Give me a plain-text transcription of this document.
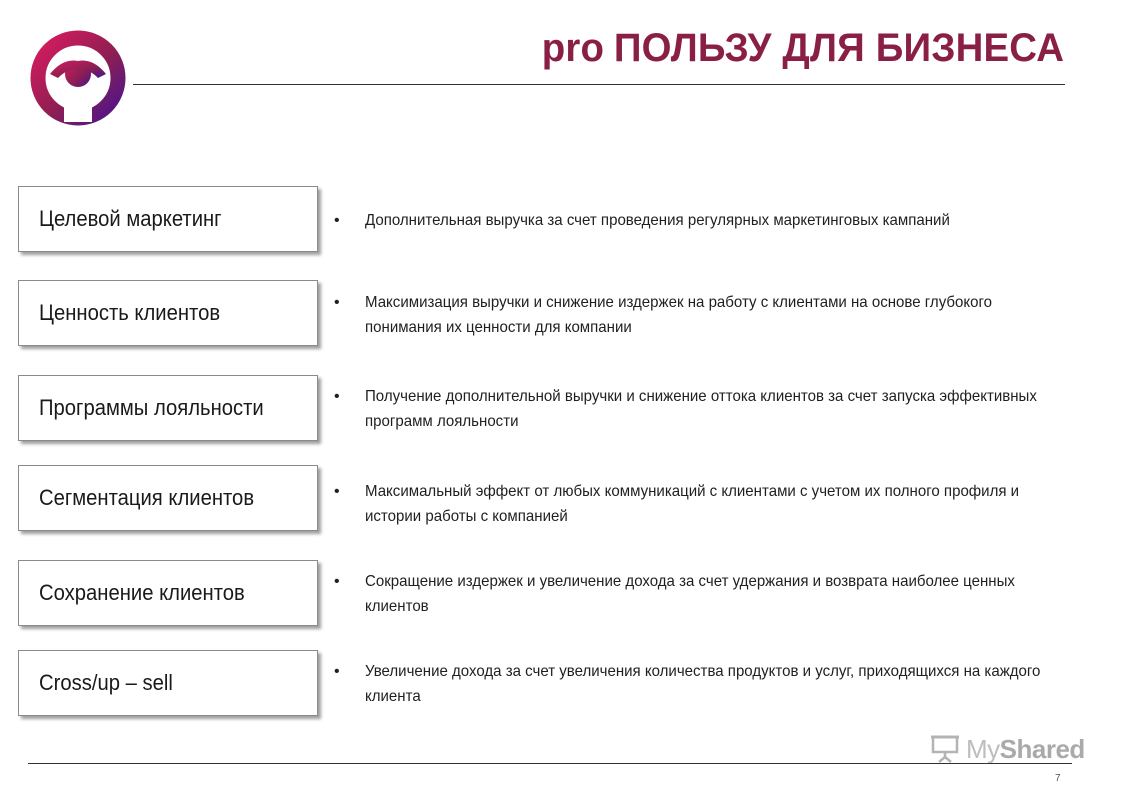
pro ПОЛЬЗУ ДЛЯ БИЗНЕСА
Целевой маркетинг
Ценность клиентов
Программы лояльности
Сегментация клиентов
Сохранение клиентов
Cross/up – sell
•	Дополнительная выручка за счет проведения регулярных маркетинговых кампаний
•	Максимизация выручки и снижение издержек на работу с клиентами на основе глубокого понимания их ценности для компании
•	Получение дополнительной выручки и снижение оттока клиентов за счет запуска эффективных программ лояльности
•	Максимальный эффект от любых коммуникаций с клиентами с учетом их полного профиля и истории работы с компанией
•	Сокращение издержек и увеличение дохода за счет удержания и возврата наиболее ценных клиентов
•	Увеличение дохода за счет увеличения количества продуктов и услуг, приходящихся на каждого клиента
MyShared
7
